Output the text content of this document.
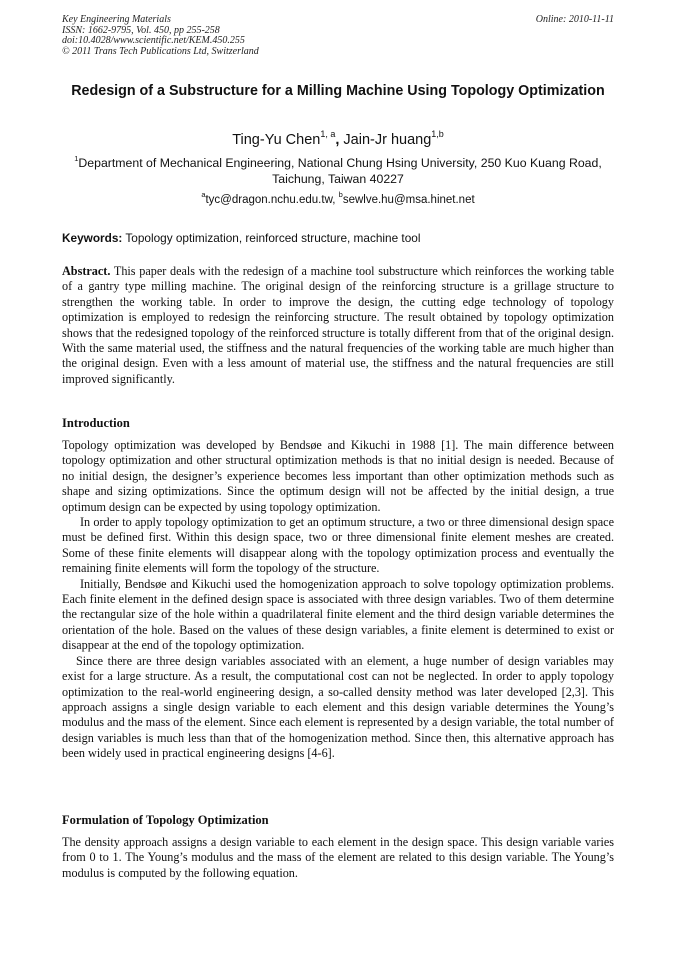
Key Engineering Materials
ISSN: 1662-9795, Vol. 450, pp 255-258
doi:10.4028/www.scientific.net/KEM.450.255
© 2011 Trans Tech Publications Ltd, Switzerland
Online: 2010-11-11
Redesign of a Substructure for a Milling Machine Using Topology Optimization
Ting-Yu Chen$^{1, a}$, Jain-Jr huang$^{1,b}$
$^1$Department of Mechanical Engineering, National Chung Hsing University, 250 Kuo Kuang Road, Taichung, Taiwan 40227
$^a$tyc@dragon.nchu.edu.tw, $^b$sewlve.hu@msa.hinet.net
Keywords: Topology optimization, reinforced structure, machine tool

Abstract. This paper deals with the redesign of a machine tool substructure which reinforces the working table of a gantry type milling machine. The original design of the reinforcing structure is a grillage structure to strengthen the working table. In order to improve the design, the cutting edge technology of topology optimization is employed to redesign the reinforcing structure. The result obtained by topology optimization shows that the redesigned topology of the reinforced structure is totally different from that of the original design. With the same material used, the stiffness and the natural frequencies of the working table are much higher than the original design. Even with a less amount of material use, the stiffness and the natural frequencies are still improved significantly.

Introduction

Topology optimization was developed by Bendsøe and Kikuchi in 1988 [1]. The main difference between topology optimization and other structural optimization methods is that no initial design is needed. Because of no initial design, the designer’s experience becomes less important than other optimization methods such as shape and sizing optimizations. Since the optimum design will not be affected by the initial design, a true optimum design can be expected by using topology optimization.

In order to apply topology optimization to get an optimum structure, a two or three dimensional design space must be defined first. Within this design space, two or three dimensional finite element meshes are created. Some of these finite elements will disappear along with the topology optimization process and eventually the remaining finite elements will form the topology of the structure.

Initially, Bendsøe and Kikuchi used the homogenization approach to solve topology optimization problems. Each finite element in the defined design space is associated with three design variables. Two of them determine the rectangular size of the hole within a quadrilateral finite element and the third design variable determines the orientation of the hole. Based on the values of these design variables, a finite element is determined to exist or disappear at the end of the topology optimization.

Since there are three design variables associated with an element, a huge number of design variables may exist for a large structure. As a result, the computational cost can not be neglected. In order to apply topology optimization to the real-world engineering design, a so-called density method was later developed [2,3]. This approach assigns a single design variable to each element and this design variable determines the Young’s modulus and the mass of the element. Since each element is represented by a design variable, the total number of design variables is much less than that of the homogenization method. Since then, this alternative approach has been widely used in practical engineering designs [4-6].

Formulation of Topology Optimization

The density approach assigns a design variable to each element in the design space. This design variable varies from 0 to 1. The Young’s modulus and the mass of the element are related to this design variable. The Young’s modulus is computed by the following equation.
